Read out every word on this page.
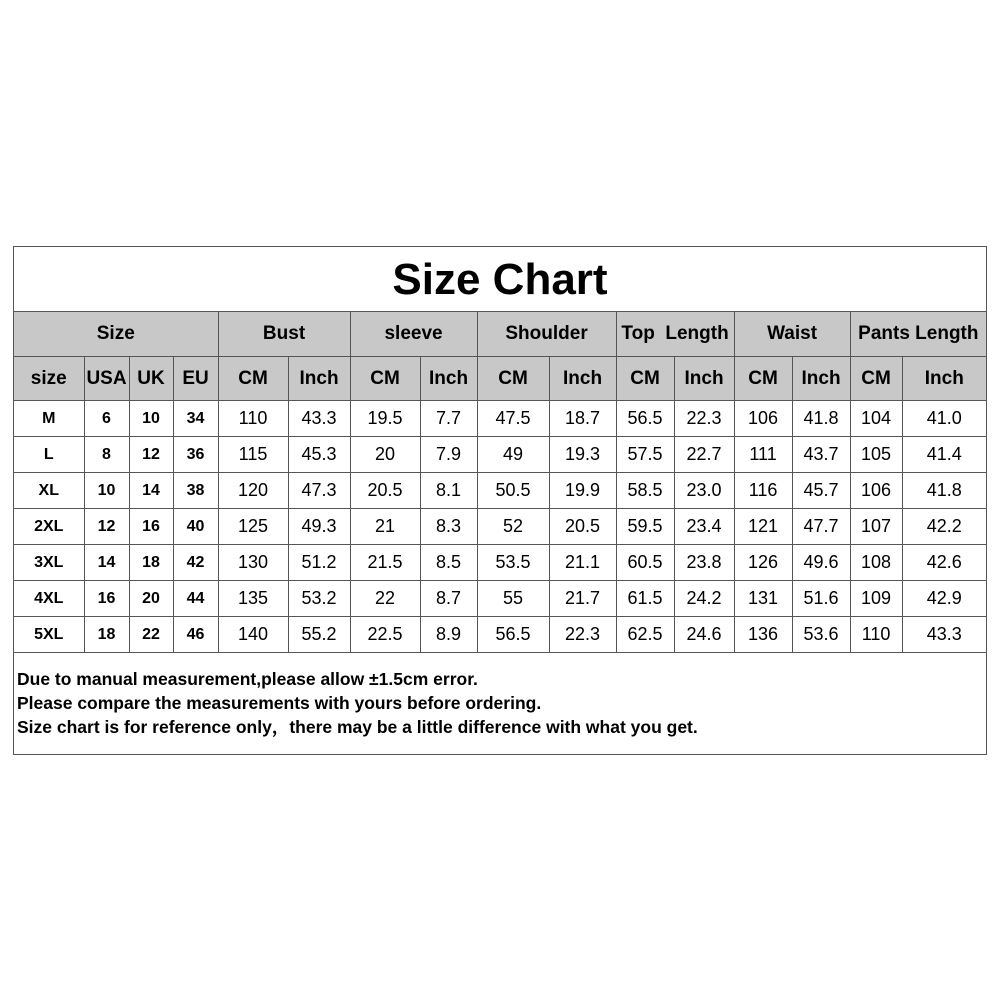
Size Chart
Size				Bust		sleeve		Shoulder		Top  Length		Waist		Pants Length	
size	USA	UK	EU	CM	Inch	CM	Inch	CM	Inch	CM	Inch	CM	Inch	CM	Inch
M	6	10	34	110	43.3	19.5	7.7	47.5	18.7	56.5	22.3	106	41.8	104	41.0
L	8	12	36	115	45.3	20	7.9	49	19.3	57.5	22.7	111	43.7	105	41.4
XL	10	14	38	120	47.3	20.5	8.1	50.5	19.9	58.5	23.0	116	45.7	106	41.8
2XL	12	16	40	125	49.3	21	8.3	52	20.5	59.5	23.4	121	47.7	107	42.2
3XL	14	18	42	130	51.2	21.5	8.5	53.5	21.1	60.5	23.8	126	49.6	108	42.6
4XL	16	20	44	135	53.2	22	8.7	55	21.7	61.5	24.2	131	51.6	109	42.9
5XL	18	22	46	140	55.2	22.5	8.9	56.5	22.3	62.5	24.6	136	53.6	110	43.3
Due to manual measurement,please allow ±1.5cm error.
Please compare the measurements with yours before ordering.
Size chart is for reference only，there may be a little difference with what you get.
